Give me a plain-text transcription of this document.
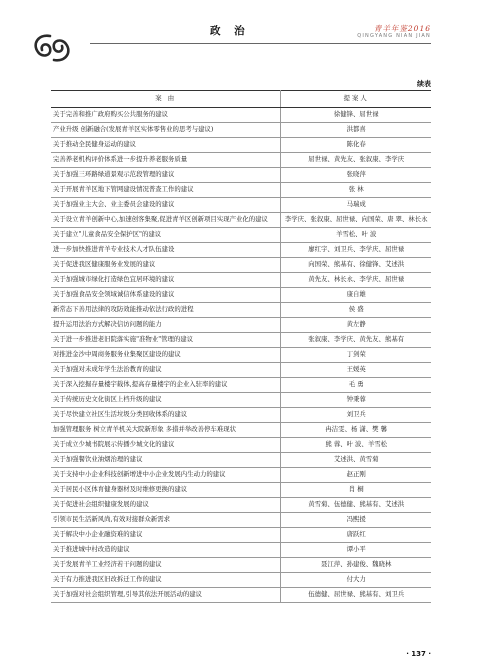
政 治	青羊年鉴2016
QINGYANG NIAN JIAN
续表
案 由	提案人
关于完善和推广政府购买公共服务的建议	徐健锋、屈世禄
产业升级 创新融合(发展青羊区实体零售业的思考与建议)	洪都喜
关于推动全民健身运动的建议	陈化春
完善养老机构评价体系进一步提升养老服务质量	屈世禄、黄先友、张叙康、李学庆
关于加强三环路绿道景观示范段管理的建议	张晓萍
关于开展青羊区地下管网建设情况普查工作的建议	张 林
关于加强业主大会、业主委员会建设的建议	马瑞成
关于设立青羊创新中心,加速创客集聚,促进青羊区创新项目实现产业化的建议	李学庆、张叙康、屈世禄、向国荣、唐 翠、林长永
关于建立"儿童食品安全保护区"的建议	羊雪松、叶 波
进一步加快推进青羊专业技术人才队伍建设	廖红宇、刘卫兵、李学庆、屈世禄
关于促进我区健康服务业发展的建议	向国荣、熊基有、徐健锋、艾述洪
关于加强城市绿化打造绿色宜居环境的建议	黄先友、林长永、李学庆、屈世禄
关于加强食品安全领域诚信体系建设的建议	康自雄
新常态下善用法律的攻防效能推动依法行政的进程	侯 盛
提升运用法治方式解决信访问题的能力	黄左静
关于进一步推进老旧院落实施"准物业"管理的建议	张叙康、李学庆、黄先友、熊基有
对推进金沙中周商务服务业集聚区建设的建议	丁剑荣
关于加强对未成年学生法治教育的建议	王媛英
关于深入挖掘存量楼宇载体,提高存量楼宇的企业入驻率的建议	毛 勇
关于传统历史文化街区上档升级的建议	钟秉蓉
关于尽快建立社区生活垃圾分类回收体系的建议	刘卫兵
加强管理服务 树立青羊机关大院新形象 多措并举改善停车难现状	冉洁雯、杨 潇、樊 馨
关于成立少城书院展示传播少城文化的建议	熊 蓉、叶 波、羊雪松
关于加强餐饮业油烟治理的建议	艾述洪、黄雪菊
关于支持中小企业科技创新增进中小企业发展内生动力的建议	赵正刚
关于居民小区体育健身器材及时维修更换的建议	肖 桐
关于促进社会组织健康发展的建议	黄雪菊、伍德健、熊基有、艾述洪
引领市民生活新风尚,有效对接群众新需求	冯熙援
关于解决中小企业融资难的建议	唐跃红
关于推进城中村改造的建议	谭小平
关于发展青羊工业经济若干问题的建议	聂江萍、孙建俊、魏晓林
关于有力推进我区旧改拆迁工作的建议	付大力
关于加强对社会组织管理,引导其依法开展活动的建议	伍德健、屈世禄、熊基有、刘卫兵
· 137 ·
